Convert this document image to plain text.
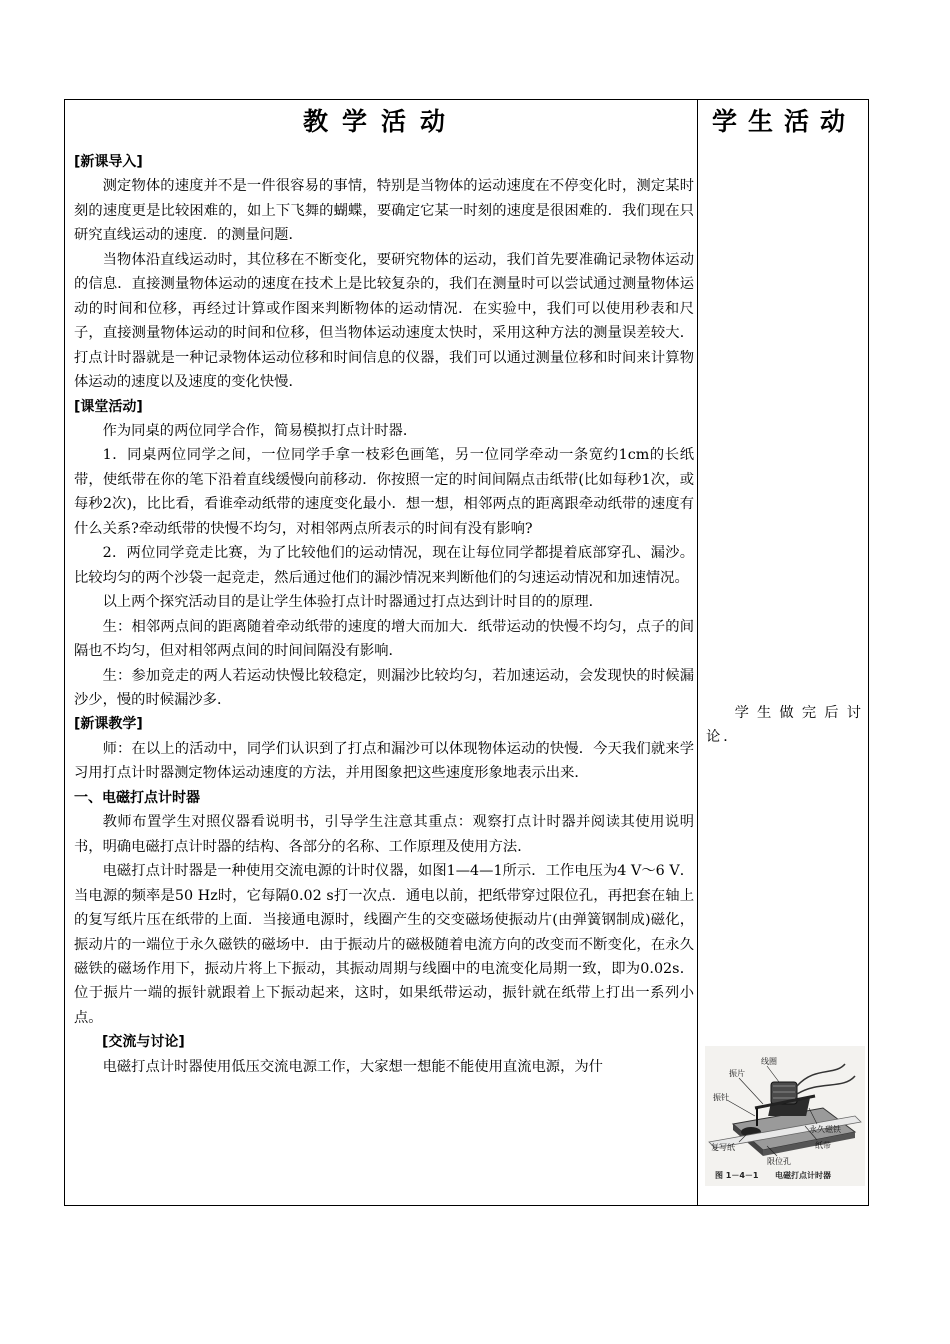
教学活动	学生活动

[新课导入]

测定物体的速度并不是一件很容易的事情，特别是当物体的运动速度在不停变化时，测定某时刻的速度更是比较困难的，如上下飞舞的蝴蝶，要确定它某一时刻的速度是很困难的．我们现在只研究直线运动的速度．的测量问题．

当物体沿直线运动时，其位移在不断变化，要研究物体的运动，我们首先要准确记录物体运动的信息．直接测量物体运动的速度在技术上是比较复杂的，我们在测量时可以尝试通过测量物体运动的时间和位移，再经过计算或作图来判断物体的运动情况．在实验中，我们可以使用秒表和尺子，直接测量物体运动的时间和位移，但当物体运动速度太快时，采用这种方法的测量误差较大．打点计时器就是一种记录物体运动位移和时间信息的仪器，我们可以通过测量位移和时间来计算物体运动的速度以及速度的变化快慢．

[课堂活动]

作为同桌的两位同学合作，简易模拟打点计时器．

1．同桌两位同学之间，一位同学手拿一枝彩色画笔，另一位同学牵动一条宽约1cm的长纸带，使纸带在你的笔下沿着直线缓慢向前移动．你按照一定的时间间隔点击纸带(比如每秒1次，或每秒2次)，比比看，看谁牵动纸带的速度变化最小．想一想，相邻两点的距离跟牵动纸带的速度有什么关系?牵动纸带的快慢不均匀，对相邻两点所表示的时间有没有影响?

2．两位同学竞走比赛，为了比较他们的运动情况，现在让每位同学都提着底部穿孔、漏沙。比较均匀的两个沙袋一起竞走，然后通过他们的漏沙情况来判断他们的匀速运动情况和加速情况。

以上两个探究活动目的是让学生体验打点计时器通过打点达到计时目的的原理．

生：相邻两点间的距离随着牵动纸带的速度的增大而加大．纸带运动的快慢不均匀，点子的间隔也不均匀，但对相邻两点间的时间间隔没有影响．

生：参加竞走的两人若运动快慢比较稳定，则漏沙比较均匀，若加速运动，会发现快的时候漏沙少，慢的时候漏沙多．

[新课教学]

师：在以上的活动中，同学们认识到了打点和漏沙可以体现物体运动的快慢．今天我们就来学习用打点计时器测定物体运动速度的方法，并用图象把这些速度形象地表示出来．

一、电磁打点计时器

教师布置学生对照仪器看说明书，引导学生注意其重点：观察打点计时器并阅读其使用说明书，明确电磁打点计时器的结构、各部分的名称、工作原理及使用方法．

电磁打点计时器是一种使用交流电源的计时仪器，如图1—4—1所示．工作电压为4 V～6 V．当电源的频率是50 Hz时，它每隔0.02 s打一次点．通电以前，把纸带穿过限位孔，再把套在轴上的复写纸片压在纸带的上面．当接通电源时，线圈产生的交变磁场使振动片(由弹簧钢制成)磁化，振动片的一端位于永久磁铁的磁场中．由于振动片的磁极随着电流方向的改变而不断变化，在永久磁铁的磁场作用下，振动片将上下振动，其振动周期与线圈中的电流变化局期一致，即为0.02s．位于振片一端的振针就跟着上下振动起来，这时，如果纸带运动，振针就在纸带上打出一系列小点。

[交流与讨论]

电磁打点计时器使用低压交流电源工作，大家想一想能不能使用直流电源，为什

学生做完后讨论．

线圈
振片
振针
永久磁铁
纸带
复写纸
限位孔
图 1－4－1 电磁打点计时器
